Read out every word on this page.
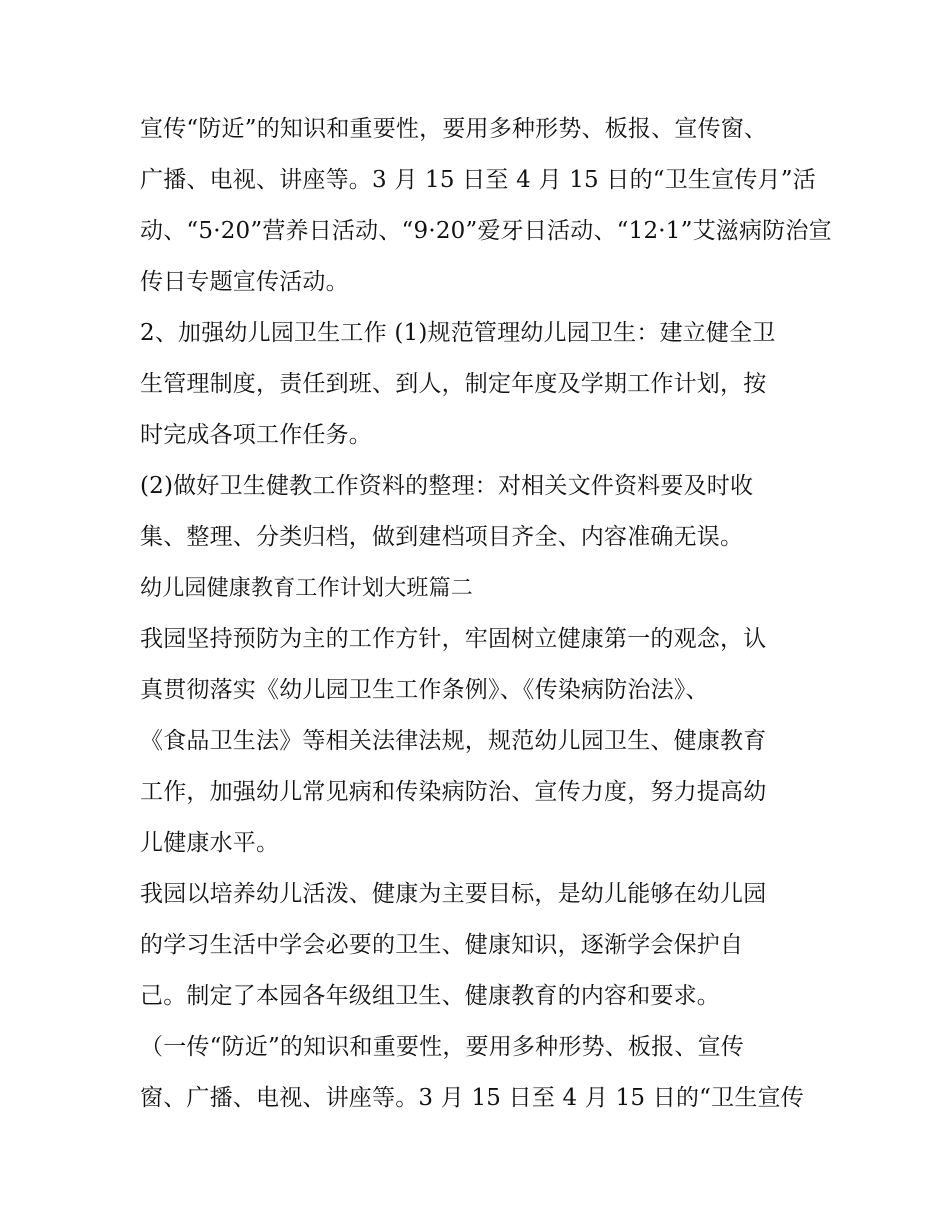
宣传“防近”的知识和重要性，要用多种形势、板报、宣传窗、
广播、电视、讲座等。3 月 15 日至 4 月 15 日的“卫生宣传月”活
动、“5·20”营养日活动、“9·20”爱牙日活动、“12·1”艾滋病防治宣
传日专题宣传活动。
2、加强幼儿园卫生工作 (1)规范管理幼儿园卫生：建立健全卫
生管理制度，责任到班、到人，制定年度及学期工作计划，按
时完成各项工作任务。
(2)做好卫生健教工作资料的整理：对相关文件资料要及时收
集、整理、分类归档，做到建档项目齐全、内容准确无误。
幼儿园健康教育工作计划大班篇二
我园坚持预防为主的工作方针，牢固树立健康第一的观念，认
真贯彻落实《幼儿园卫生工作条例》、《传染病防治法》、
《食品卫生法》等相关法律法规，规范幼儿园卫生、健康教育
工作，加强幼儿常见病和传染病防治、宣传力度，努力提高幼
儿健康水平。
我园以培养幼儿活泼、健康为主要目标，是幼儿能够在幼儿园
的学习生活中学会必要的卫生、健康知识，逐渐学会保护自
己。制定了本园各年级组卫生、健康教育的内容和要求。
（一传“防近”的知识和重要性，要用多种形势、板报、宣传
窗、广播、电视、讲座等。3 月 15 日至 4 月 15 日的“卫生宣传
